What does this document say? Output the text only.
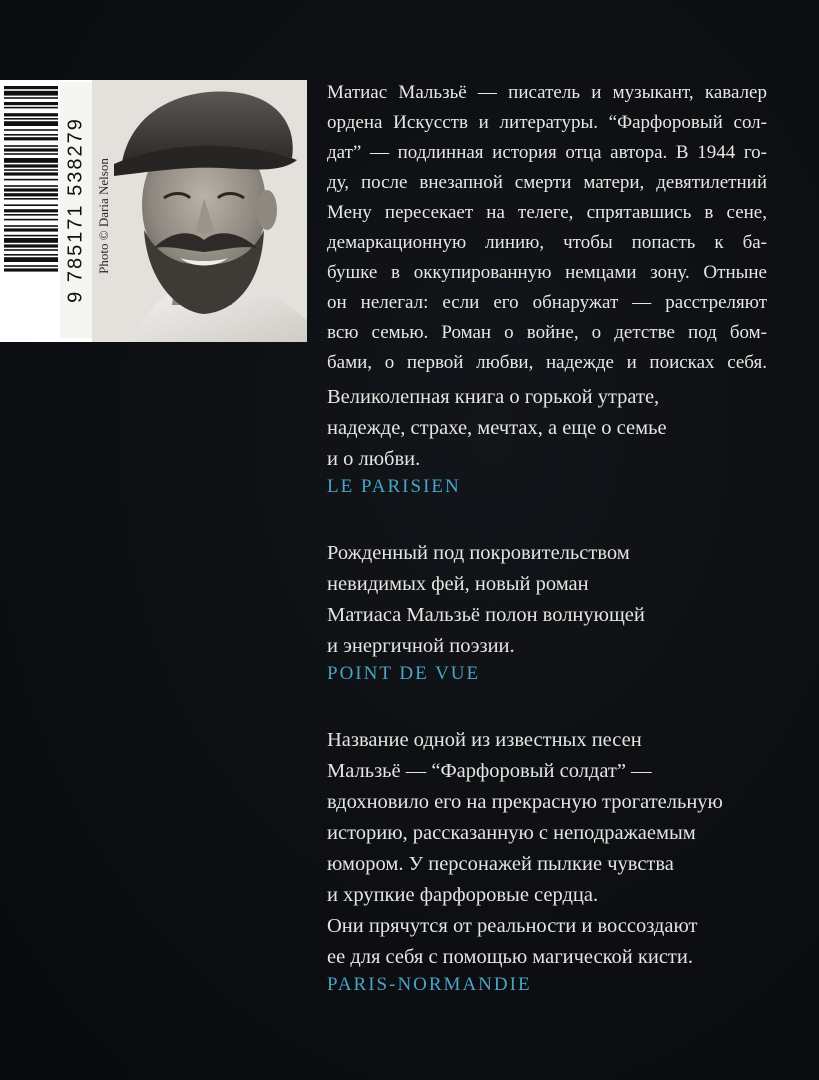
9 785171 538279 Photo © Daria Nelson
Матиас Мальзьё — писатель и музыкант, кавалер
ордена Искусств и литературы. “Фарфоровый сол-
дат” — подлинная история отца автора. В 1944 го-
ду, после внезапной смерти матери, девятилетний
Мену пересекает на телеге, спрятавшись в сене,
демаркационную линию, чтобы попасть к ба-
бушке в оккупированную немцами зону. Отныне
он нелегал: если его обнаружат — расстреляют
всю семью. Роман о войне, о детстве под бом-
бами, о первой любви, надежде и поисках себя.
Великолепная книга о горькой утрате,
надежде, страхе, мечтах, а еще о семье
и о любви.
LE PARISIEN
Рожденный под покровительством
невидимых фей, новый роман
Матиаса Мальзьё полон волнующей
и энергичной поэзии.
POINT DE VUE
Название одной из известных песен
Мальзьё — “Фарфоровый солдат” —
вдохновило его на прекрасную трогательную
историю, рассказанную с неподражаемым
юмором. У персонажей пылкие чувства
и хрупкие фарфоровые сердца.
Они прячутся от реальности и воссоздают
ее для себя с помощью магической кисти.
PARIS-NORMANDIE
